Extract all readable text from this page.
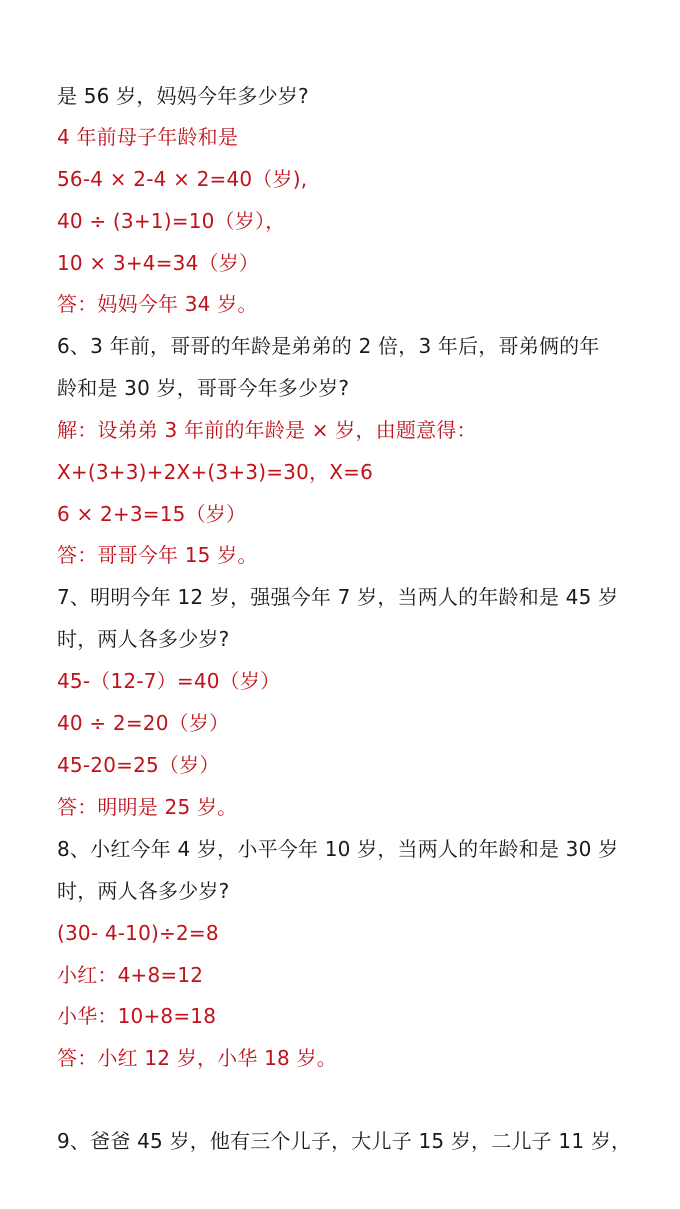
是 56 岁，妈妈今年多少岁?
4 年前母子年龄和是
56-4 × 2-4 × 2=40（岁),
40 ÷ (3+1)=10（岁），
10 × 3+4=34（岁）
答：妈妈今年 34 岁。
6、3 年前，哥哥的年龄是弟弟的 2 倍，3 年后，哥弟俩的年
龄和是 30 岁，哥哥今年多少岁?
解：设弟弟 3 年前的年龄是 × 岁，由题意得：
X+(3+3)+2X+(3+3)=30，X=6
6 × 2+3=15（岁）
答：哥哥今年 15 岁。
7、明明今年 12 岁，强强今年 7 岁，当两人的年龄和是 45 岁
时，两人各多少岁?
45-（12-7）=40（岁）
40 ÷ 2=20（岁）
45-20=25（岁）
答：明明是 25 岁。
8、小红今年 4 岁，小平今年 10 岁，当两人的年龄和是 30 岁
时，两人各多少岁?
(30- 4-10)÷2=8
小红：4+8=12
小华：10+8=18
答：小红 12 岁，小华 18 岁。
9、爸爸 45 岁，他有三个儿子，大儿子 15 岁，二儿子 11 岁，
